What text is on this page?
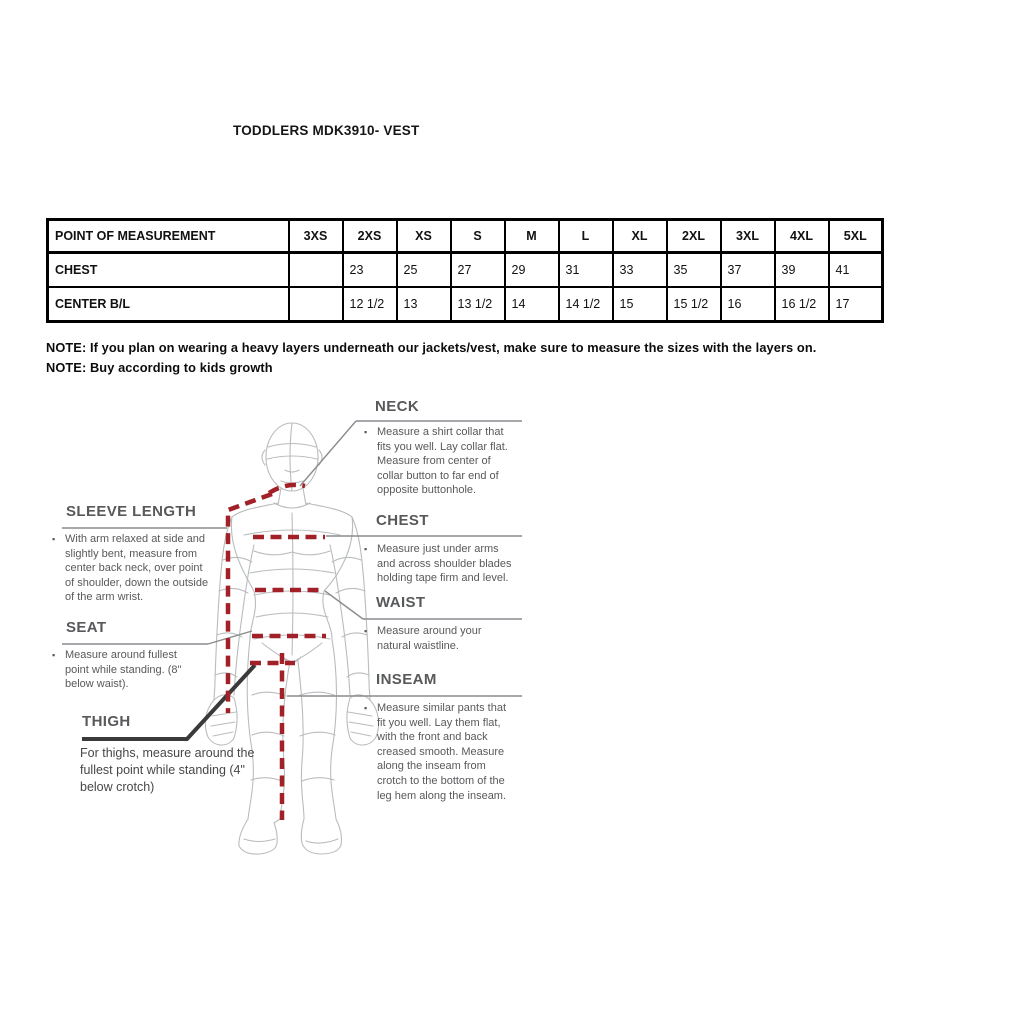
TODDLERS MDK3910- VEST
POINT OF MEASUREMENT	3XS	2XS	XS	S	M	L	XL	2XL	3XL	4XL	5XL
CHEST		23	25	27	29	31	33	35	37	39	41
CENTER B/L		12 1/2	13	13 1/2	14	14 1/2	15	15 1/2	16	16 1/2	17
NOTE: If you plan on wearing a heavy layers underneath our jackets/vest, make sure to measure the sizes with the layers on.
NOTE: Buy according to kids growth
NECK
▪ Measure a shirt collar that fits you well. Lay collar flat. Measure from center of collar button to far end of opposite buttonhole.
CHEST
▪ Measure just under arms and across shoulder blades holding tape firm and level.
WAIST
▪ Measure around your natural waistline.
INSEAM
▪ Measure similar pants that fit you well. Lay them flat, with the front and back creased smooth. Measure along the inseam from crotch to the bottom of the leg hem along the inseam.
SLEEVE LENGTH
▪ With arm relaxed at side and slightly bent, measure from center back neck, over point of shoulder, down the outside of the arm wrist.
SEAT
▪ Measure around fullest point while standing. (8" below waist).
THIGH
For thighs, measure around the fullest point while standing (4" below crotch)
